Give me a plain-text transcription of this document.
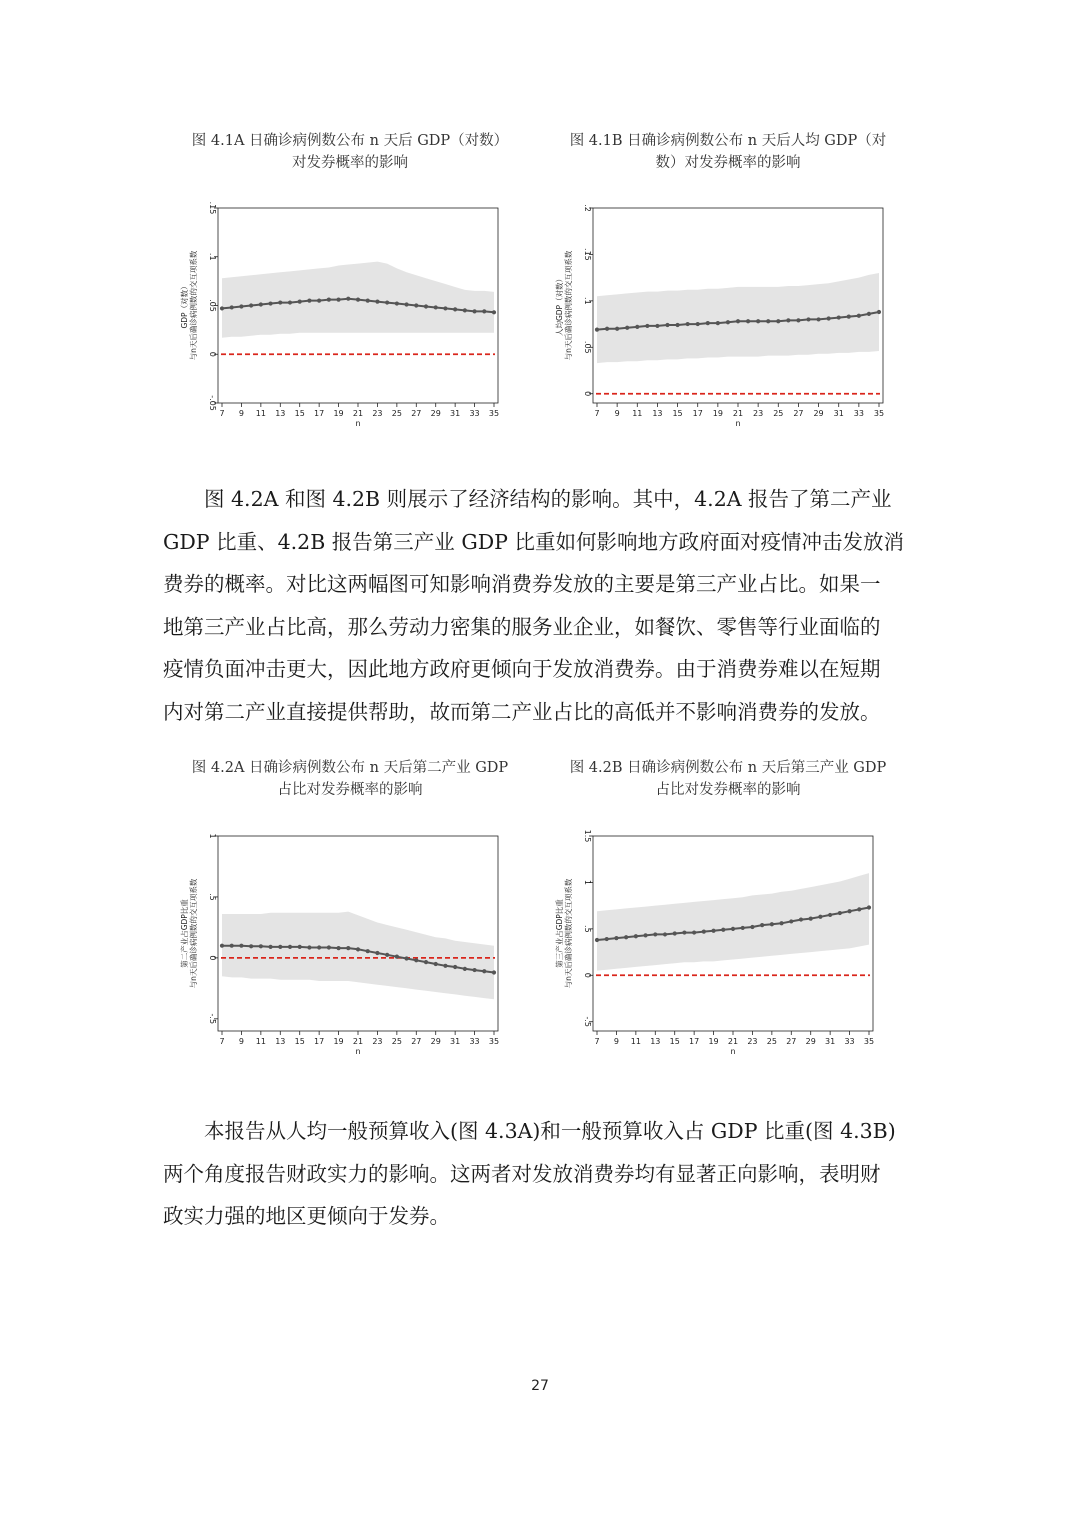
图 4.1A 日确诊病例数公布 n 天后 GDP（对数）
对发券概率的影响
图 4.1B 日确诊病例数公布 n 天后人均 GDP（对
数）对发券概率的影响
-.05
0
.05
.1
.15
7 9 11 13 15 17 19 21 23 25 27 29 31 33 35
n
GDP（对数） 与n天后确诊病例数的交互项系数
0
.05
.1
.15
.2
7 9 11 13 15 17 19 21 23 25 27 29 31 33 35
n
人均GDP（对数） 与n天后确诊病例数的交互项系数
图 4.2A 和图 4.2B 则展示了经济结构的影响。其中，4.2A 报告了第二产业
GDP 比重、4.2B 报告第三产业 GDP 比重如何影响地方政府面对疫情冲击发放消
费券的概率。对比这两幅图可知影响消费券发放的主要是第三产业占比。如果一
地第三产业占比高，那么劳动力密集的服务业企业，如餐饮、零售等行业面临的
疫情负面冲击更大，因此地方政府更倾向于发放消费券。由于消费券难以在短期
内对第二产业直接提供帮助，故而第二产业占比的高低并不影响消费券的发放。
图 4.2A 日确诊病例数公布 n 天后第二产业 GDP
占比对发券概率的影响
图 4.2B 日确诊病例数公布 n 天后第三产业 GDP
占比对发券概率的影响
-.5
0
.5
1
7 9 11 13 15 17 19 21 23 25 27 29 31 33 35
n
第二产业占GDP比重 与n天后确诊病例数的交互项系数
-.5
0
.5
1
1.5
7 9 11 13 15 17 19 21 23 25 27 29 31 33 35
n
第三产业占GDP比重 与n天后确诊病例数的交互项系数
本报告从人均一般预算收入(图 4.3A)和一般预算收入占 GDP 比重(图 4.3B)
两个角度报告财政实力的影响。这两者对发放消费券均有显著正向影响，表明财
政实力强的地区更倾向于发券。
27
